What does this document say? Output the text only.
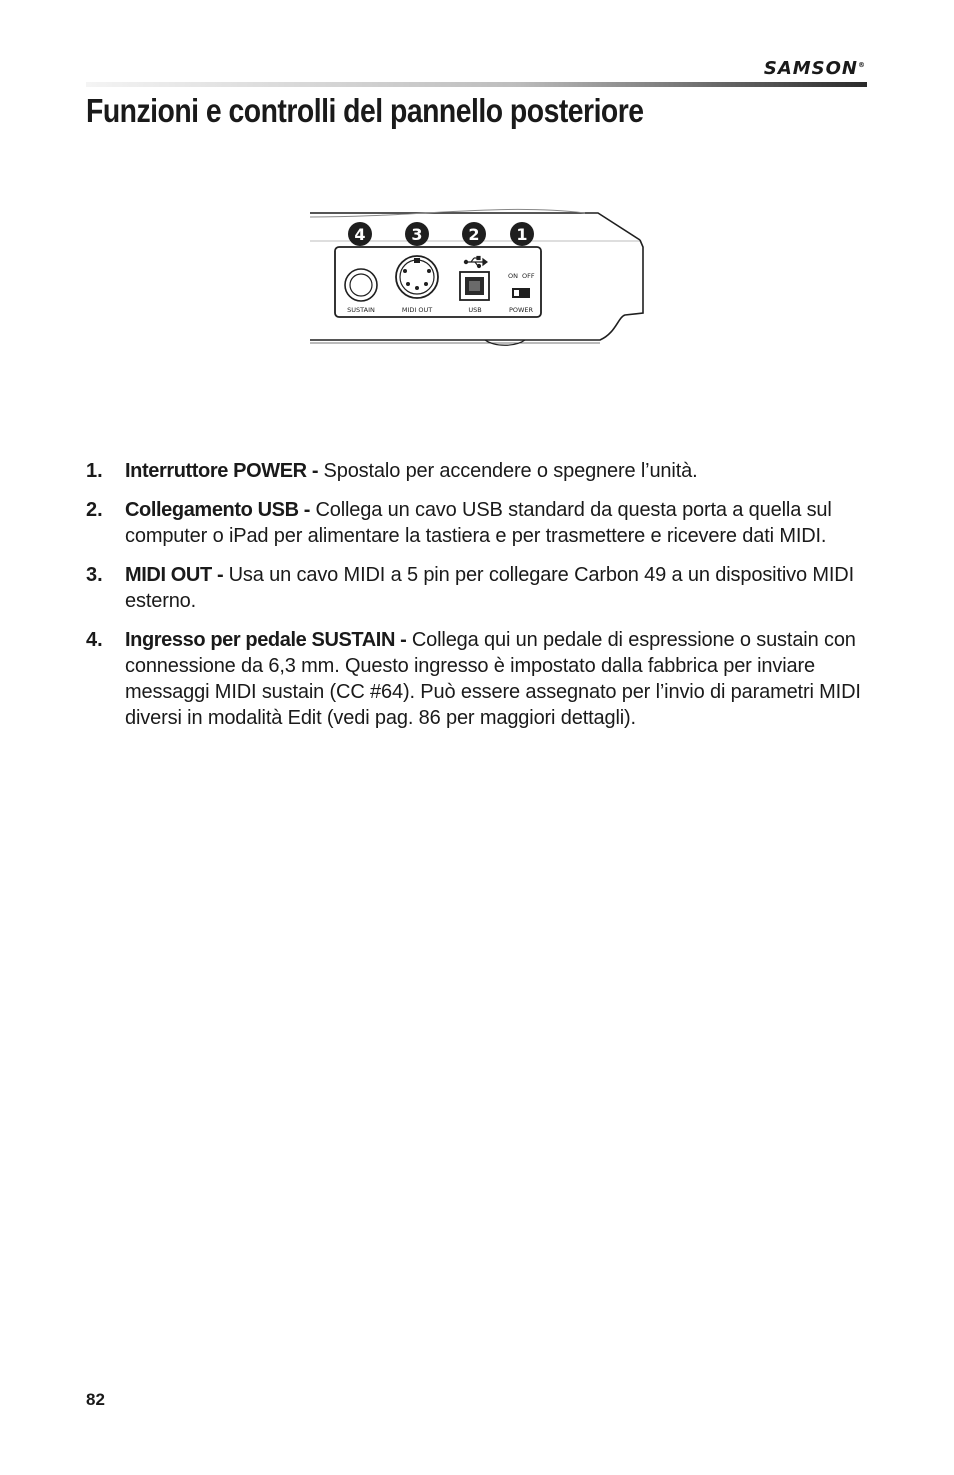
SAMSON®
Funzioni e controlli del pannello posteriore
ON OFF
SUSTAIN	MIDI OUT	USB	POWER
4	3	2 1
1. Interruttore POWER - Spostalo per accendere o spegnere l’unità.
2. Collegamento USB - Collega un cavo USB standard da questa porta a quella sul computer o iPad per alimentare la tastiera e per trasmettere e ricevere dati MIDI.
3. MIDI OUT - Usa un cavo MIDI a 5 pin per collegare Carbon 49 a un dispositivo MIDI esterno.
4. Ingresso per pedale SUSTAIN - Collega qui un pedale di espressione o sustain con connessione da 6,3 mm. Questo ingresso è impostato dalla fabbrica per inviare messaggi MIDI sustain (CC #64). Può essere assegnato per l’invio di parametri MIDI diversi in modalità Edit (vedi pag. 86 per maggiori dettagli).
82
